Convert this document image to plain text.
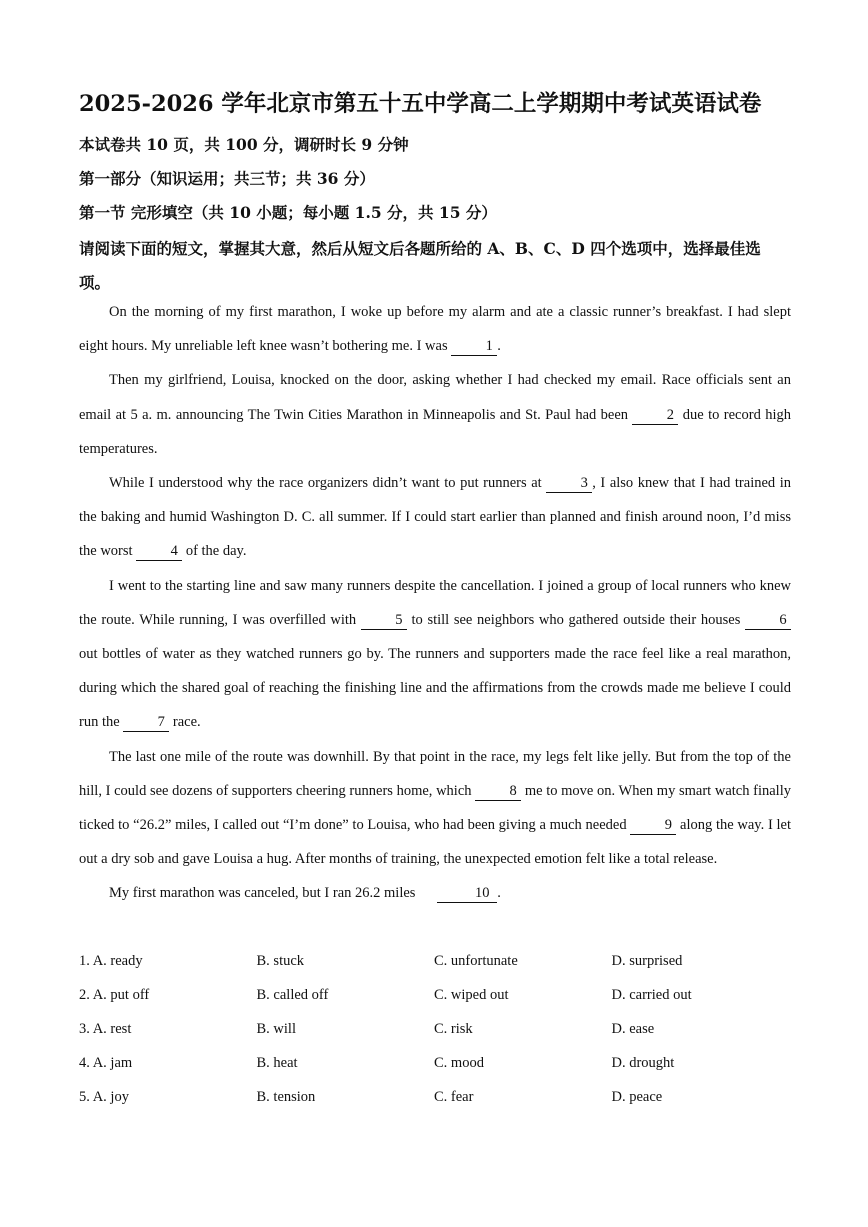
2025-2026 学年北京市第五十五中学高二上学期期中考试英语试卷
本试卷共 10 页，共 100 分，调研时长 9 分钟
第一部分（知识运用；共三节；共 36 分）
第一节 完形填空（共 10 小题；每小题 1.5 分，共 15 分）
请阅读下面的短文，掌握其大意，然后从短文后各题所给的 A、B、C、D 四个选项中，选择最佳选项。

On the morning of my first marathon, I woke up before my alarm and ate a classic runner’s breakfast. I had slept eight hours. My unreliable left knee wasn’t bothering me. I was 1 .

Then my girlfriend, Louisa, knocked on the door, asking whether I had checked my email. Race officials sent an email at 5 a. m. announcing The Twin Cities Marathon in Minneapolis and St. Paul had been 2 due to record high temperatures.

While I understood why the race organizers didn’t want to put runners at 3 , I also knew that I had trained in the baking and humid Washington D. C. all summer. If I could start earlier than planned and finish around noon, I’d miss the worst 4 of the day.

I went to the starting line and saw many runners despite the cancellation. I joined a group of local runners who knew the route. While running, I was overfilled with 5 to still see neighbors who gathered outside their houses 6 out bottles of water as they watched runners go by. The runners and supporters made the race feel like a real marathon, during which the shared goal of reaching the finishing line and the affirmations from the crowds made me believe I could run the 7 race.

The last one mile of the route was downhill. By that point in the race, my legs felt like jelly. But from the top of the hill, I could see dozens of supporters cheering runners home, which 8 me to move on. When my smart watch finally ticked to “26.2” miles, I called out “I’m done” to Louisa, who had been giving a much needed 9 along the way. I let out a dry sob and gave Louisa a hug. After months of training, the unexpected emotion felt like a total release.

My first marathon was canceled, but I ran 26.2 miles	10 .

1. A. ready	B. stuck	C. unfortunate	D. surprised
2. A. put off	B. called off	C. wiped out	D. carried out
3. A. rest	B. will	C. risk	D. ease
4. A. jam	B. heat	C. mood	D. drought
5. A. joy	B. tension	C. fear	D. peace
